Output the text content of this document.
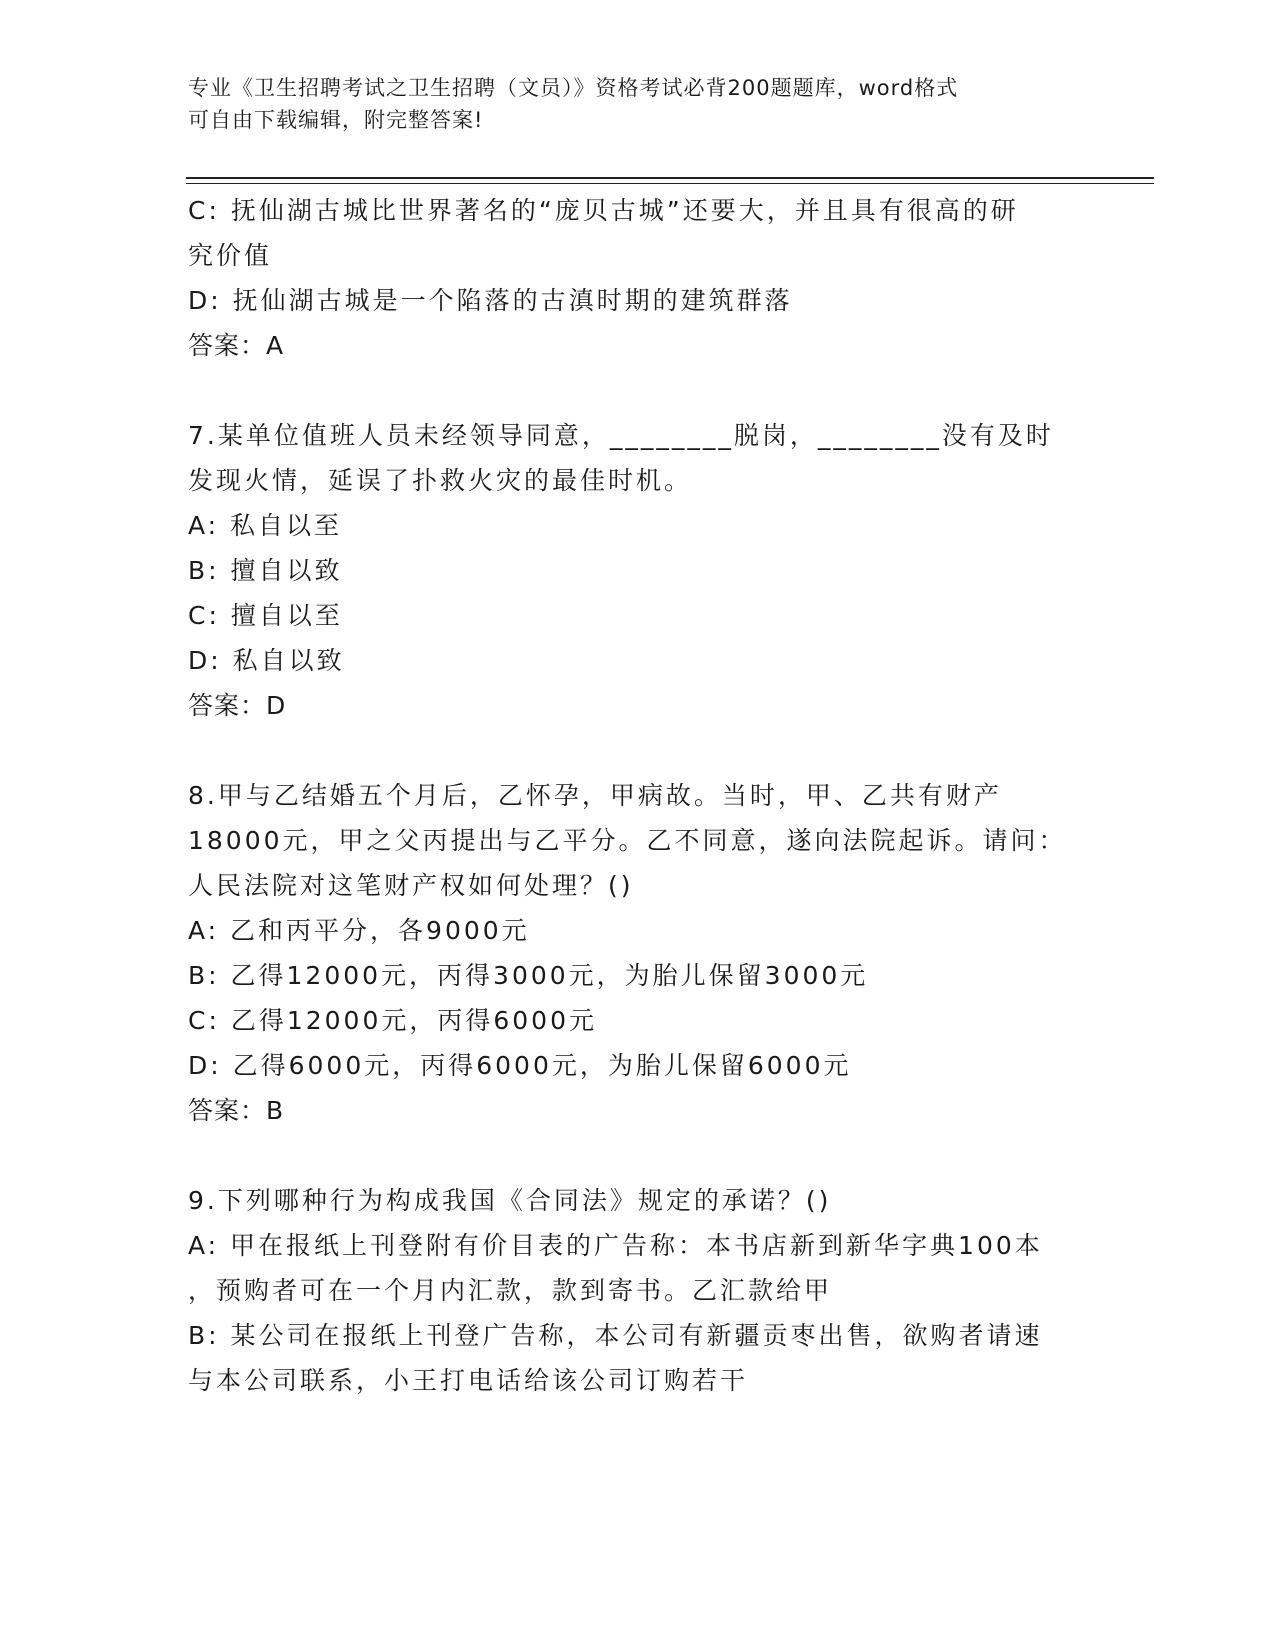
专业《卫生招聘考试之卫生招聘（文员）》资格考试必背200题题库，word格式
可自由下载编辑，附完整答案!
C: 抚仙湖古城比世界著名的“庞贝古城”还要大，并且具有很高的研
究价值
D: 抚仙湖古城是一个陷落的古滇时期的建筑群落
答案：A
7.某单位值班人员未经领导同意，________脱岗，________没有及时
发现火情，延误了扑救火灾的最佳时机。
A: 私自以至
B: 擅自以致
C: 擅自以至
D: 私自以致
答案：D
8.甲与乙结婚五个月后，乙怀孕，甲病故。当时，甲、乙共有财产
18000元，甲之父丙提出与乙平分。乙不同意，遂向法院起诉。请问：
人民法院对这笔财产权如何处理？()
A: 乙和丙平分，各9000元
B: 乙得12000元，丙得3000元，为胎儿保留3000元
C: 乙得12000元，丙得6000元
D: 乙得6000元，丙得6000元，为胎儿保留6000元
答案：B
9.下列哪种行为构成我国《合同法》规定的承诺？()
A: 甲在报纸上刊登附有价目表的广告称：本书店新到新华字典100本
，预购者可在一个月内汇款，款到寄书。乙汇款给甲
B: 某公司在报纸上刊登广告称，本公司有新疆贡枣出售，欲购者请速
与本公司联系，小王打电话给该公司订购若干
